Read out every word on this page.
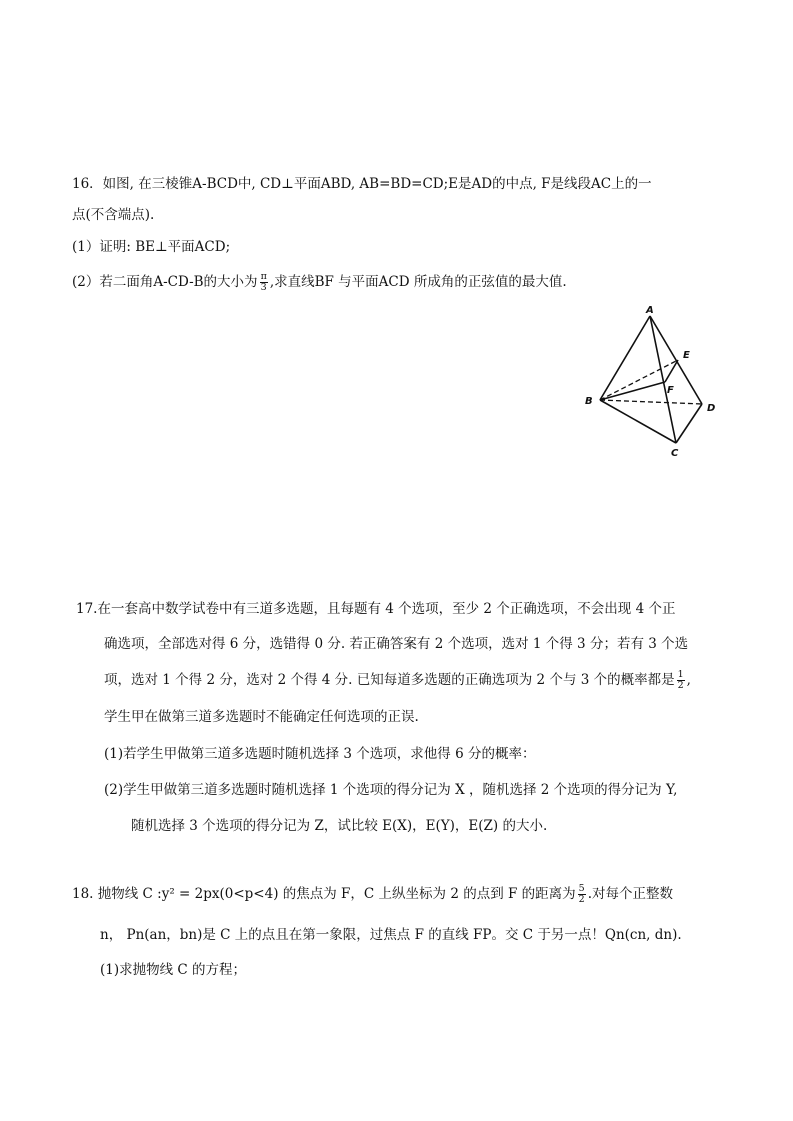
16．如图, 在三棱锥A-BCD中, CD⊥平面ABD, AB=BD=CD;E是AD的中点, F是线段AC上的一
点(不含端点).
(1）证明: BE⊥平面ACD;
(2）若二面角A-CD-B的大小为 $\frac{\pi}{3}$ ,求直线BF 与平面ACD 所成角的正弦值的最大值.
A
B
C
D
E
F
17.在一套高中数学试卷中有三道多选题，且每题有 4 个选项，至少 2 个正确选项，不会出现 4 个正
确选项，全部选对得 6 分，选错得 0 分. 若正确答案有 2 个选项，选对 1 个得 3 分；若有 3 个选
项，选对 1 个得 2 分，选对 2 个得 4 分. 已知每道多选题的正确选项为 2 个与 3 个的概率都是 $\frac{1}{2}$ ,
学生甲在做第三道多选题时不能确定任何选项的正误.
(1)若学生甲做第三道多选题时随机选择 3 个选项，求他得 6 分的概率：
(2)学生甲做第三道多选题时随机选择 1 个选项的得分记为 X ，随机选择 2 个选项的得分记为 Y,
随机选择 3 个选项的得分记为 Z，试比较 E(X)，E(Y)，E(Z) 的大小.
18. 抛物线 C :y² = 2px(0<p<4) 的焦点为 F，C 上纵坐标为 2 的点到 F 的距离为 $\frac{5}{2}$ .对每个正整数
n， Pn(an，bn)是 C 上的点且在第一象限，过焦点 F 的直线 FP。交 C 于另一点！Qn(cn, dn).
(1)求抛物线 C 的方程；
